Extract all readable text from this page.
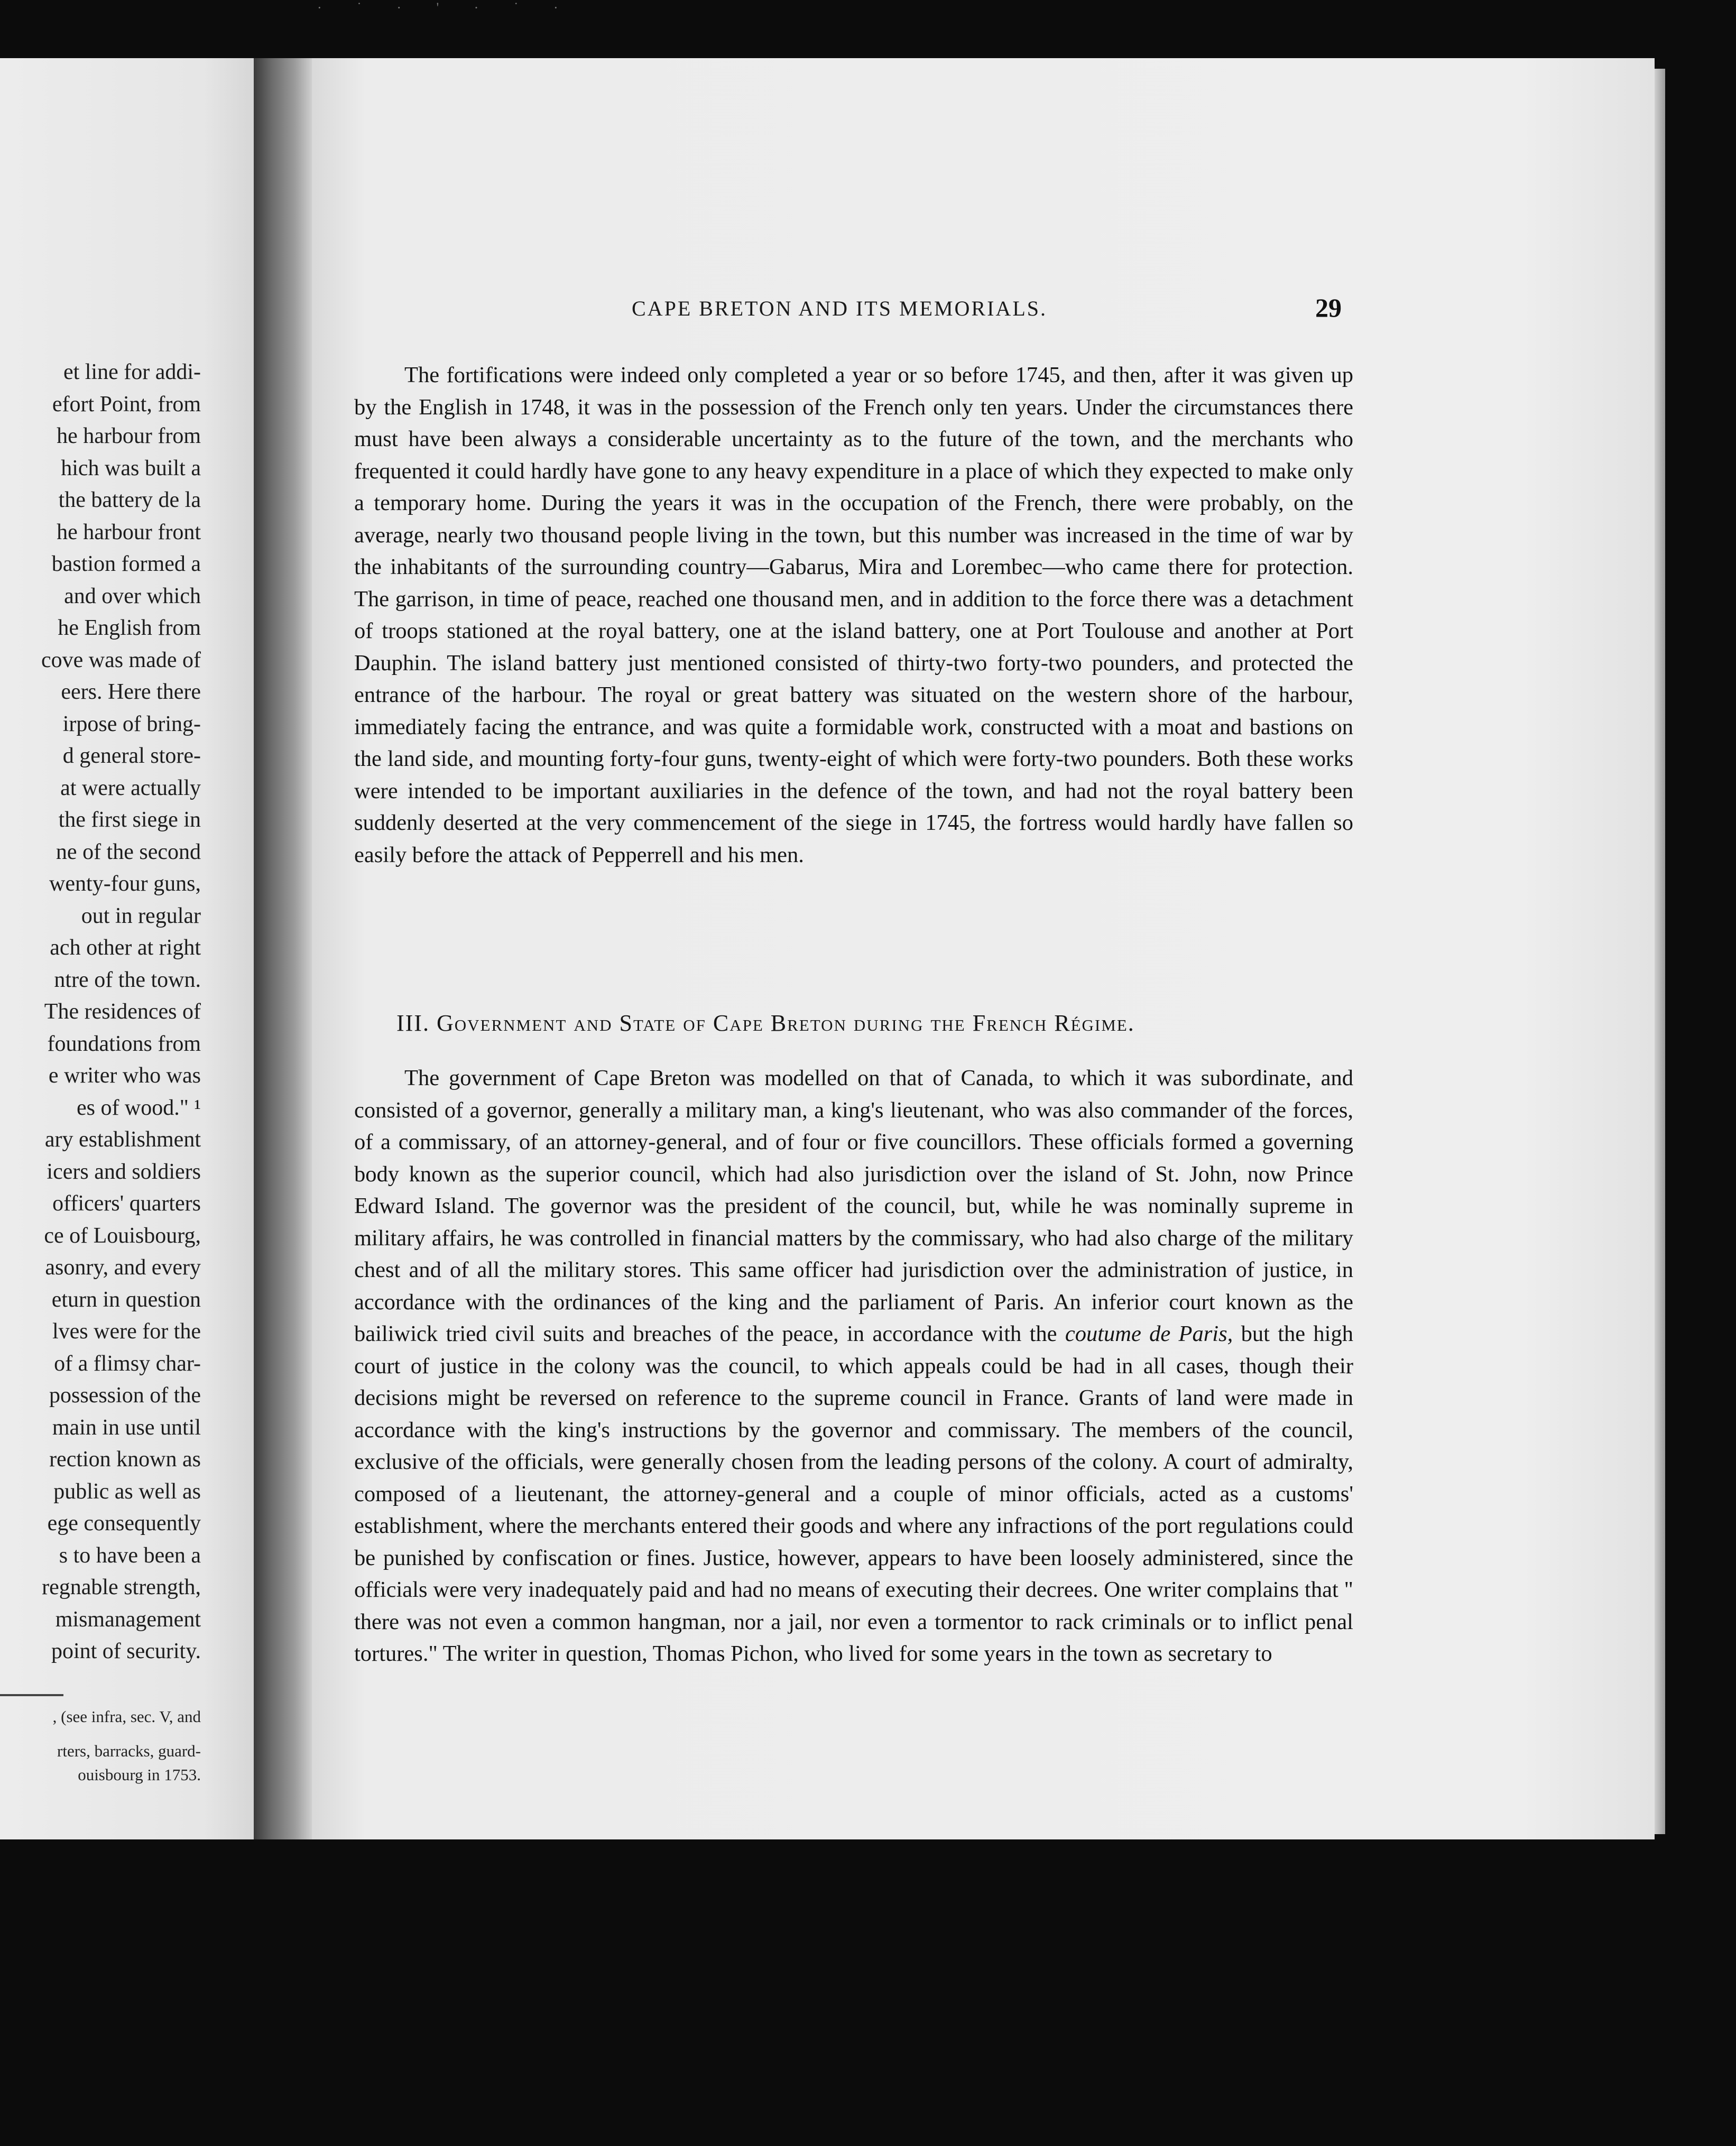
· ˙ · ' · ˙ ·
et line for addi-
efort Point, from
he harbour from
hich was built a
the battery de la
he harbour front
bastion formed a
and over which
he English from
cove was made of
eers. Here there
irpose of bring-
d general store-
at were actually
the first siege in
ne of the second
wenty-four guns,
out in regular
ach other at right
ntre of the town.
The residences of
foundations from
e writer who was
es of wood." ¹
ary establishment
icers and soldiers
officers' quarters
ce of Louisbourg,
asonry, and every
eturn in question
lves were for the
of a flimsy char-
possession of the
main in use until
rection known as
public as well as
ege consequently
s to have been a
regnable strength,
mismanagement
point of security.
, (see infra, sec. V, and
rters, barracks, guard-
ouisbourg in 1753.
CAPE BRETON AND ITS MEMORIALS.	29

The fortifications were indeed only completed a year or so before 1745, and then, after it was given up by the English in 1748, it was in the possession of the French only ten years. Under the circumstances there must have been always a considerable uncertainty as to the future of the town, and the merchants who frequented it could hardly have gone to any heavy expenditure in a place of which they expected to make only a temporary home. During the years it was in the occupation of the French, there were probably, on the average, nearly two thousand people living in the town, but this number was increased in the time of war by the inhabitants of the surrounding country—Gabarus, Mira and Lorembec—who came there for protection. The garrison, in time of peace, reached one thousand men, and in addition to the force there was a detachment of troops stationed at the royal battery, one at the island battery, one at Port Toulouse and another at Port Dauphin. The island battery just mentioned consisted of thirty-two forty-two pounders, and protected the entrance of the harbour. The royal or great battery was situated on the western shore of the harbour, immediately facing the entrance, and was quite a formidable work, constructed with a moat and bastions on the land side, and mounting forty-four guns, twenty-eight of which were forty-two pounders. Both these works were intended to be important auxiliaries in the defence of the town, and had not the royal battery been suddenly deserted at the very commencement of the siege in 1745, the fortress would hardly have fallen so easily before the attack of Pepperrell and his men.

III. Government and State of Cape Breton during the French Régime.

The government of Cape Breton was modelled on that of Canada, to which it was subordinate, and consisted of a governor, generally a military man, a king's lieutenant, who was also commander of the forces, of a commissary, of an attorney-general, and of four or five councillors. These officials formed a governing body known as the superior council, which had also jurisdiction over the island of St. John, now Prince Edward Island. The governor was the president of the council, but, while he was nominally supreme in military affairs, he was controlled in financial matters by the commissary, who had also charge of the military chest and of all the military stores. This same officer had jurisdiction over the administration of justice, in accordance with the ordinances of the king and the parliament of Paris. An inferior court known as the bailiwick tried civil suits and breaches of the peace, in accordance with the coutume de Paris, but the high court of justice in the colony was the council, to which appeals could be had in all cases, though their decisions might be reversed on reference to the supreme council in France. Grants of land were made in accordance with the king's instructions by the governor and commissary. The members of the council, exclusive of the officials, were generally chosen from the leading persons of the colony. A court of admiralty, composed of a lieutenant, the attorney-general and a couple of minor officials, acted as a customs' establishment, where the merchants entered their goods and where any infractions of the port regulations could be punished by confiscation or fines. Justice, however, appears to have been loosely administered, since the officials were very inadequately paid and had no means of executing their decrees. One writer complains that " there was not even a common hangman, nor a jail, nor even a tormentor to rack criminals or to inflict penal tortures." The writer in question, Thomas Pichon, who lived for some years in the town as secretary to
